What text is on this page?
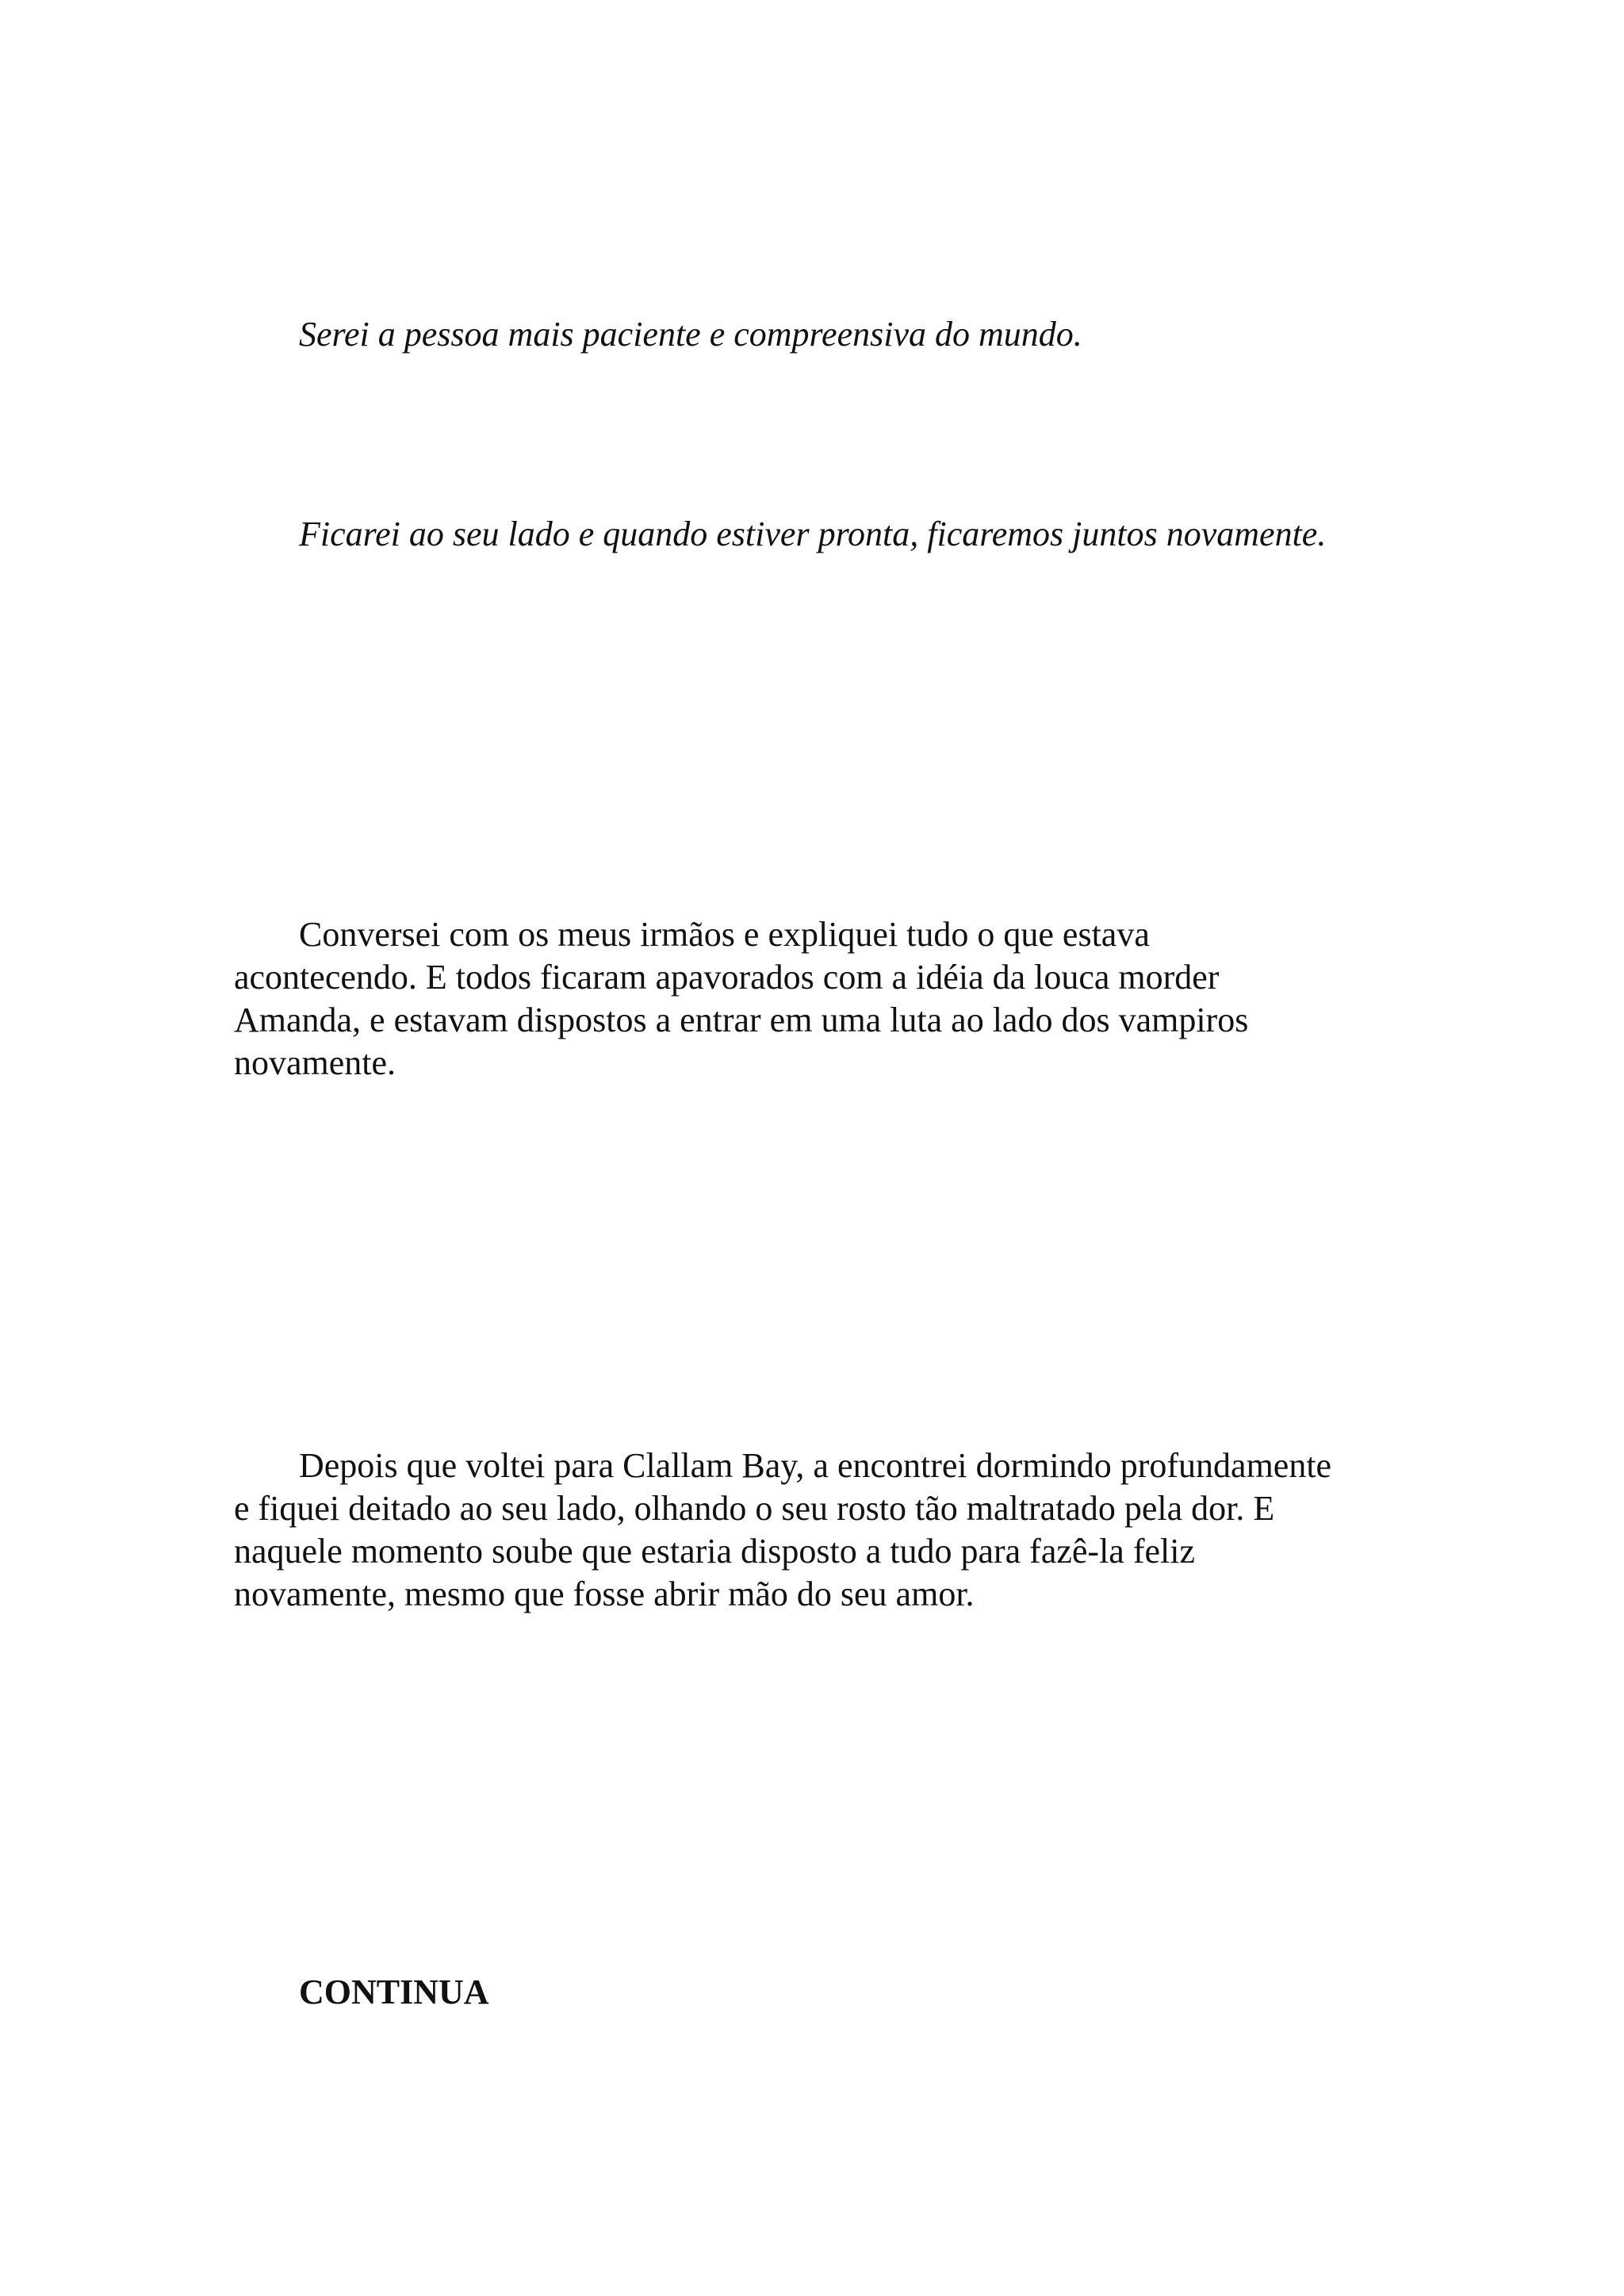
Serei a pessoa mais paciente e compreensiva do mundo.

Ficarei ao seu lado e quando estiver pronta, ficaremos juntos novamente.

Conversei com os meus irmãos e expliquei tudo o que estava
acontecendo. E todos ficaram apavorados com a idéia da louca morder
Amanda, e estavam dispostos a entrar em uma luta ao lado dos vampiros
novamente.
Depois que voltei para Clallam Bay, a encontrei dormindo profundamente
e fiquei deitado ao seu lado, olhando o seu rosto tão maltratado pela dor. E
naquele momento soube que estaria disposto a tudo para fazê-la feliz
novamente, mesmo que fosse abrir mão do seu amor.

CONTINUA
